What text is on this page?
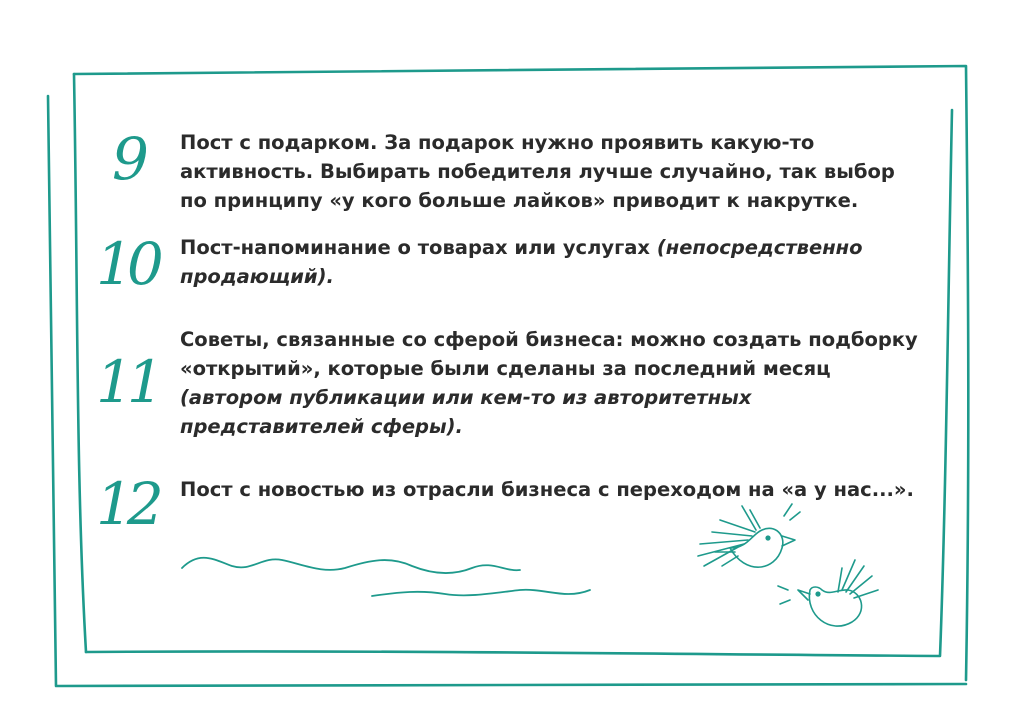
9 Пост с подарком. За подарок нужно проявить какую-то активность. Выбирать победителя лучше случайно, так выбор по принципу «у кого больше лайков» приводит к накрутке.
10 Пост-напоминание о товарах или услугах (непосредственно продающий).
11
Советы, связанные со сферой бизнеса: можно создать подборку «открытий», которые были сделаны за последний месяц (автором публикации или кем-то из авторитетных представителей сферы).
12 Пост с новостью из отрасли бизнеса с переходом на «а у нас...».
